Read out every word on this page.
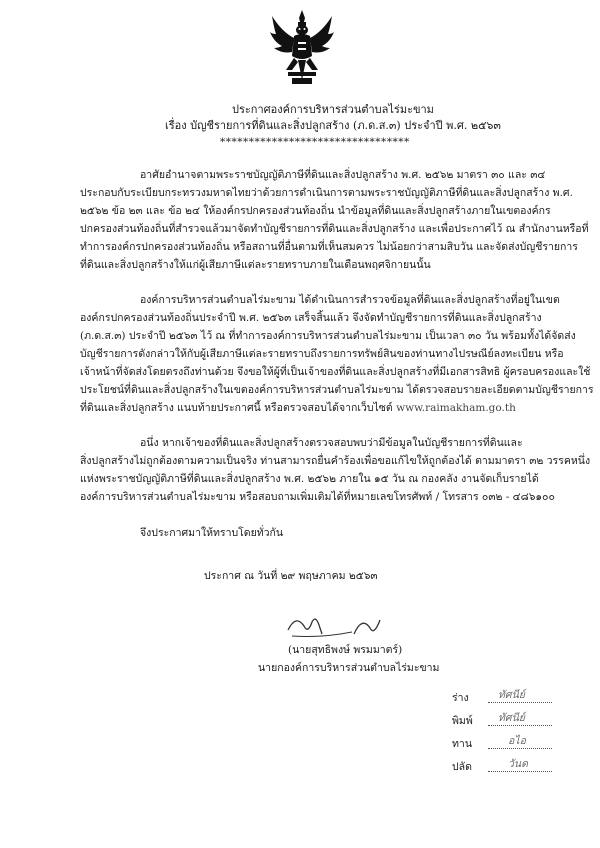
ประกาศองค์การบริหารส่วนตำบลไร่มะขาม
เรื่อง บัญชีรายการที่ดินและสิ่งปลูกสร้าง (ภ.ด.ส.๓) ประจำปี พ.ศ. ๒๕๖๓
*********************************
อาศัยอำนาจตามพระราชบัญญัติภาษีที่ดินและสิ่งปลูกสร้าง พ.ศ. ๒๕๖๒ มาตรา ๓๐ และ ๓๔
ประกอบกับระเบียบกระทรวงมหาดไทยว่าด้วยการดำเนินการตามพระราชบัญญัติภาษีที่ดินและสิ่งปลูกสร้าง พ.ศ.
๒๕๖๒ ข้อ ๒๓ และ ข้อ ๒๔ ให้องค์กรปกครองส่วนท้องถิ่น นำข้อมูลที่ดินและสิ่งปลูกสร้างภายในเขตองค์กร
ปกครองส่วนท้องถิ่นที่สำรวจแล้วมาจัดทำบัญชีรายการที่ดินและสิ่งปลูกสร้าง และเพื่อประกาศไว้ ณ สำนักงานหรือที่
ทำการองค์กรปกครองส่วนท้องถิ่น หรือสถานที่อื่นตามที่เห็นสมควร ไม่น้อยกว่าสามสิบวัน และจัดส่งบัญชีรายการ
ที่ดินและสิ่งปลูกสร้างให้แก่ผู้เสียภาษีแต่ละรายทราบภายในเดือนพฤศจิกายนนั้น
องค์การบริหารส่วนตำบลไร่มะขาม ได้ดำเนินการสำรวจข้อมูลที่ดินและสิ่งปลูกสร้างที่อยู่ในเขต
องค์กรปกครองส่วนท้องถิ่นประจำปี พ.ศ. ๒๕๖๓ เสร็จสิ้นแล้ว จึงจัดทำบัญชีรายการที่ดินและสิ่งปลูกสร้าง
(ภ.ด.ส.๓) ประจำปี ๒๕๖๓ ไว้ ณ ที่ทำการองค์การบริหารส่วนตำบลไร่มะขาม เป็นเวลา ๓๐ วัน พร้อมทั้งได้จัดส่ง
บัญชีรายการดังกล่าวให้กับผู้เสียภาษีแต่ละรายทราบถึงรายการทรัพย์สินของท่านทางไปรษณีย์ลงทะเบียน หรือ
เจ้าหน้าที่จัดส่งโดยตรงถึงท่านด้วย จึงขอให้ผู้ที่เป็นเจ้าของที่ดินและสิ่งปลูกสร้างที่มีเอกสารสิทธิ ผู้ครอบครองและใช้
ประโยชน์ที่ดินและสิ่งปลูกสร้างในเขตองค์การบริหารส่วนตำบลไร่มะขาม ได้ตรวจสอบรายละเอียดตามบัญชีรายการ
ที่ดินและสิ่งปลูกสร้าง แนบท้ายประกาศนี้ หรือตรวจสอบได้จากเว็บไซต์ www.raimakham.go.th
อนึ่ง หากเจ้าของที่ดินและสิ่งปลูกสร้างตรวจสอบพบว่ามีข้อมูลในบัญชีรายการที่ดินและ
สิ่งปลูกสร้างไม่ถูกต้องตามความเป็นจริง ท่านสามารถยื่นคำร้องเพื่อขอแก้ไขให้ถูกต้องได้ ตามมาตรา ๓๒ วรรคหนึ่ง
แห่งพระราชบัญญัติภาษีที่ดินและสิ่งปลูกสร้าง พ.ศ. ๒๕๖๒ ภายใน ๑๕ วัน ณ กองคลัง งานจัดเก็บรายได้
องค์การบริหารส่วนตำบลไร่มะขาม หรือสอบถามเพิ่มเติมได้ที่หมายเลขโทรศัพท์ / โทรสาร ๐๓๒ - ๔๘๖๑๐๐
จึงประกาศมาให้ทราบโดยทั่วกัน
ประกาศ ณ วันที่ ๒๙ พฤษภาคม ๒๕๖๓
(นายสุทธิพงษ์ พรมมาตร์)
นายกองค์การบริหารส่วนตำบลไร่มะขาม
ร่าง	ทัศนีย์
พิมพ์ ทัศนีย์
ทาน	อไอ
ปลัด	วันด
